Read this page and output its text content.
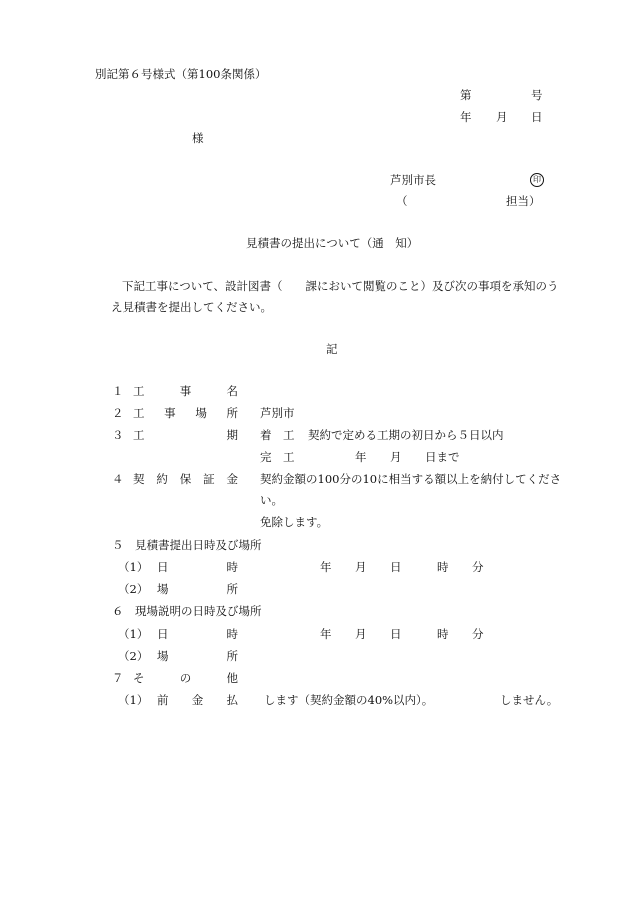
別記第６号様式（第100条関係）
第	号
年 月 日
様
芦別市長	印
（	担当）
見積書の提出について（通　知）
下記工事について、設計図書（　　課において閲覧のこと）及び次の事項を承知のう
え見積書を提出してください。
記
１ 工	事	名
２ 工 事 場 所 芦別市
３ 工	期 着　工 契約で定める工期の初日から５日以内
完　工	年 月 日まで
４ 契 約 保 証 金 契約金額の100分の10に相当する額以上を納付してくださ
い。
免除します。
５　見積書提出日時及び場所
（1） 日	時	年 月 日	時 分
（2） 場	所
６　現場説明の日時及び場所
（1） 日	時	年 月 日	時 分
（2） 場	所
７ そ	の	他
（1） 前 金 払 します（契約金額の40%以内）。	しません。
